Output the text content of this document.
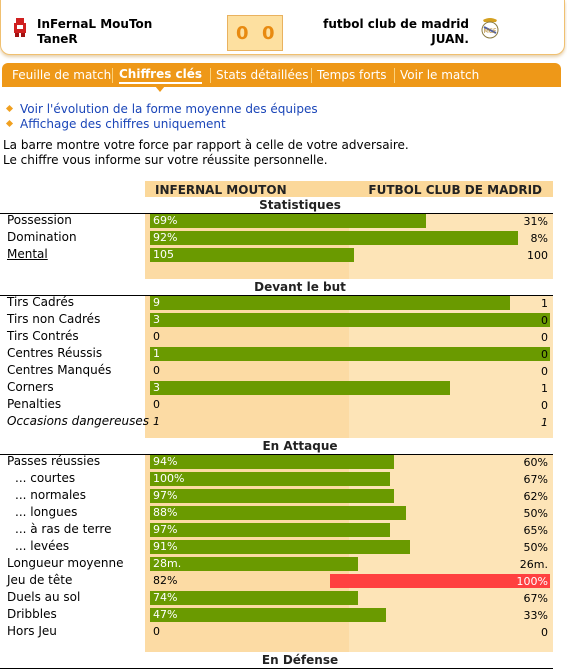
InFernaL MouTon
TaneR	0 0	futbol club de madrid
JUAN.
MCF
Feuille de match Chiffres clés Stats détaillées Temps forts Voir le match
Voir l'évolution de la forme moyenne des équipes
Affichage des chiffres uniquement
La barre montre votre force par rapport à celle de votre adversaire.
Le chiffre vous informe sur votre réussite personnelle.
INFERNAL MOUTON	FUTBOL CLUB DE MADRID
Statistiques
Possession	69%	31%
Domination	92%	8%
Mental	105	100
Devant le but
Tirs Cadrés	9	1
Tirs non Cadrés	3	0
Tirs Contrés	0	0
Centres Réussis	1	0
Centres Manqués	0	0
Corners	3	1
Penalties	0	0
Occasions dangereuses 1	1
En Attaque
Passes réussies	94%	60%
... courtes	100%	67%
... normales	97%	62%
... longues	88%	50%
... à ras de terre	97%	65%
... levées	91%	50%
Longueur moyenne	28m.	26m.
Jeu de tête	82%	100%
Duels au sol	74%	67%
Dribbles	47%	33%
Hors Jeu	0	0
En Défense
